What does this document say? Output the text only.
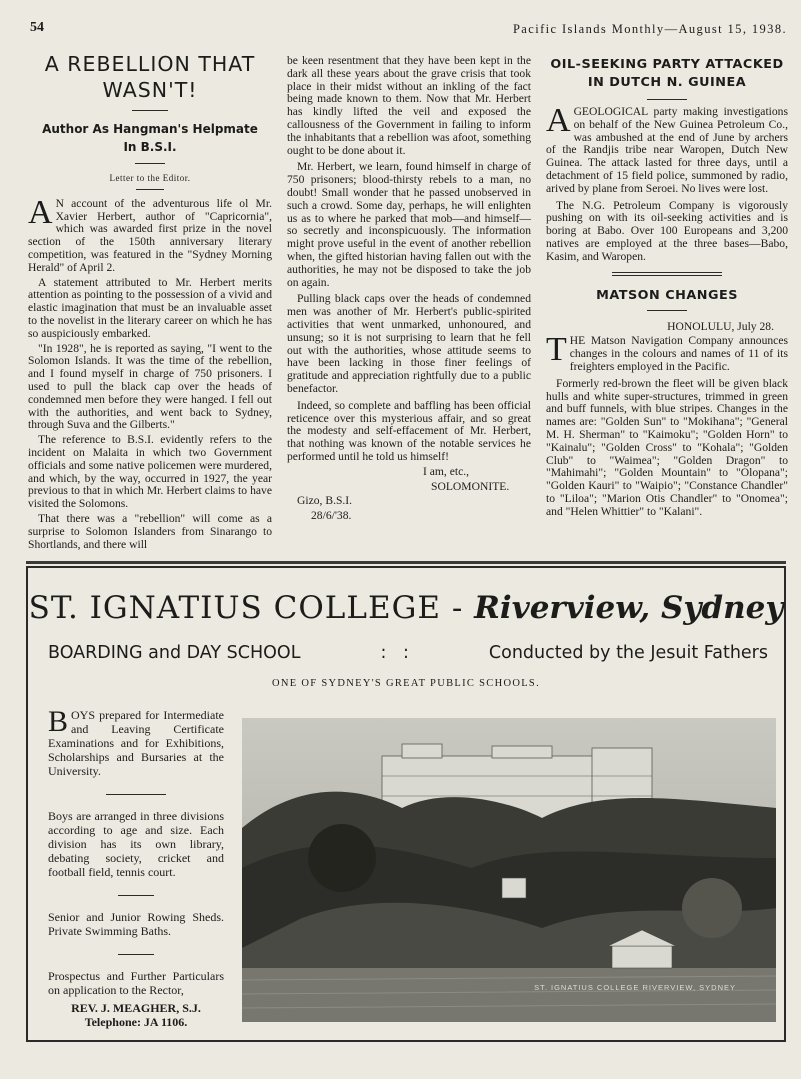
54	Pacific Islands Monthly—August 15, 1938.

A REBELLION THAT

WASN'T!

Author As Hangman's Helpmate

In B.S.I.

Letter to the Editor.

A N account of the adventurous life ol Mr. Xavier Herbert, author of "Capricornia", which was awarded first prize in the novel section of the 150th anniversary literary competition, was featured in the "Sydney Morning Herald" of April 2.

A statement attributed to Mr. Herbert merits attention as pointing to the possession of a vivid and elastic imagination that must be an invaluable asset to the novelist in the literary career on which he has so auspiciously embarked.

"In 1928", he is reported as saying, "I went to the Solomon Islands. It was the time of the rebellion, and I found myself in charge of 750 prisoners. I used to pull the black cap over the heads of condemned men before they were hanged. I fell out with the authorities, and went back to Sydney, through Suva and the Gilberts."

The reference to B.S.I. evidently refers to the incident on Malaita in which two Government officials and some native policemen were murdered, and which, by the way, occurred in 1927, the year previous to that in which Mr. Herbert claims to have visited the Solomons.

That there was a "rebellion" will come as a surprise to Solomon Islanders from Sinarango to Shortlands, and there will

be keen resentment that they have been kept in the dark all these years about the grave crisis that took place in their midst without an inkling of the fact being made known to them. Now that Mr. Herbert has kindly lifted the veil and exposed the callousness of the Government in failing to inform the inhabitants that a rebellion was afoot, something ought to be done about it.

Mr. Herbert, we learn, found himself in charge of 750 prisoners; blood-thirsty rebels to a man, no doubt! Small wonder that he passed unobserved in such a crowd. Some day, perhaps, he will enlighten us as to where he parked that mob—and himself—so secretly and inconspicuously. The information might prove useful in the event of another rebellion when, the gifted historian having fallen out with the authorities, he may not be disposed to take the job on again.

Pulling black caps over the heads of condemned men was another of Mr. Herbert's public-spirited activities that went unmarked, unhonoured, and unsung; so it is not surprising to learn that he fell out with the authorities, whose attitude seems to have been lacking in those finer feelings of gratitude and appreciation rightfully due to a public benefactor.

Indeed, so complete and baffling has been official reticence over this mysterious affair, and so great the modesty and self-effacement of Mr. Herbert, that nothing was known of the notable services he performed until he told us himself!

I am, etc.,

SOLOMONITE.

Gizo, B.S.I.

28/6/'38.

OIL-SEEKING PARTY ATTACKED

IN DUTCH N. GUINEA

AGEOLOGICAL party making investigations on behalf of the New Guinea Petroleum Co., was ambushed at the end of June by archers of the Randjis tribe near Waropen, Dutch New Guinea. The attack lasted for three days, until a detachment of 15 field police, summoned by radio, arived by plane from Seroei. No lives were lost.

The N.G. Petroleum Company is vigorously pushing on with its oil-seeking activities and is boring at Babo. Over 100 Europeans and 3,200 natives are employed at the three bases—Babo, Kasim, and Waropen.

MATSON CHANGES

HONOLULU, July 28.

THE Matson Navigation Company announces changes in the colours and names of 11 of its freighters employed in the Pacific.

Formerly red-brown the fleet will be given black hulls and white super-structures, trimmed in green and buff funnels, with blue stripes. Changes in the names are: "Golden Sun" to "Mokihana"; "General M. H. Sherman" to "Kaimoku"; "Golden Horn" to "Kainalu"; "Golden Cross" to "Kohala"; "Golden Club" to "Waimea"; "Golden Dragon" to "Mahimahi"; "Golden Mountain" to "Olopana"; "Golden Kauri" to "Waipio"; "Constance Chandler" to "Liloa"; "Marion Otis Chandler" to "Onomea"; and "Helen Whittier" to "Kalani".

ST. IGNATIUS COLLEGE - Riverview, Sydney
BOARDING and DAY SCHOOL	:   :	Conducted by the Jesuit Fathers
ONE OF SYDNEY'S GREAT PUBLIC SCHOOLS.

BOYS prepared for Intermediate and Leaving Certificate Examinations and for Exhibitions, Scholarships and Bursaries at the University.

Boys are arranged in three divisions according to age and size. Each division has its own library, debating society, cricket and football field, tennis court.

Senior and Junior Rowing Sheds. Private Swimming Baths.

Prospectus and Further Particulars on application to the Rector,

REV. J. MEAGHER, S.J.

Telephone: JA 1106.

ST. IGNATIUS COLLEGE RIVERVIEW, SYDNEY
